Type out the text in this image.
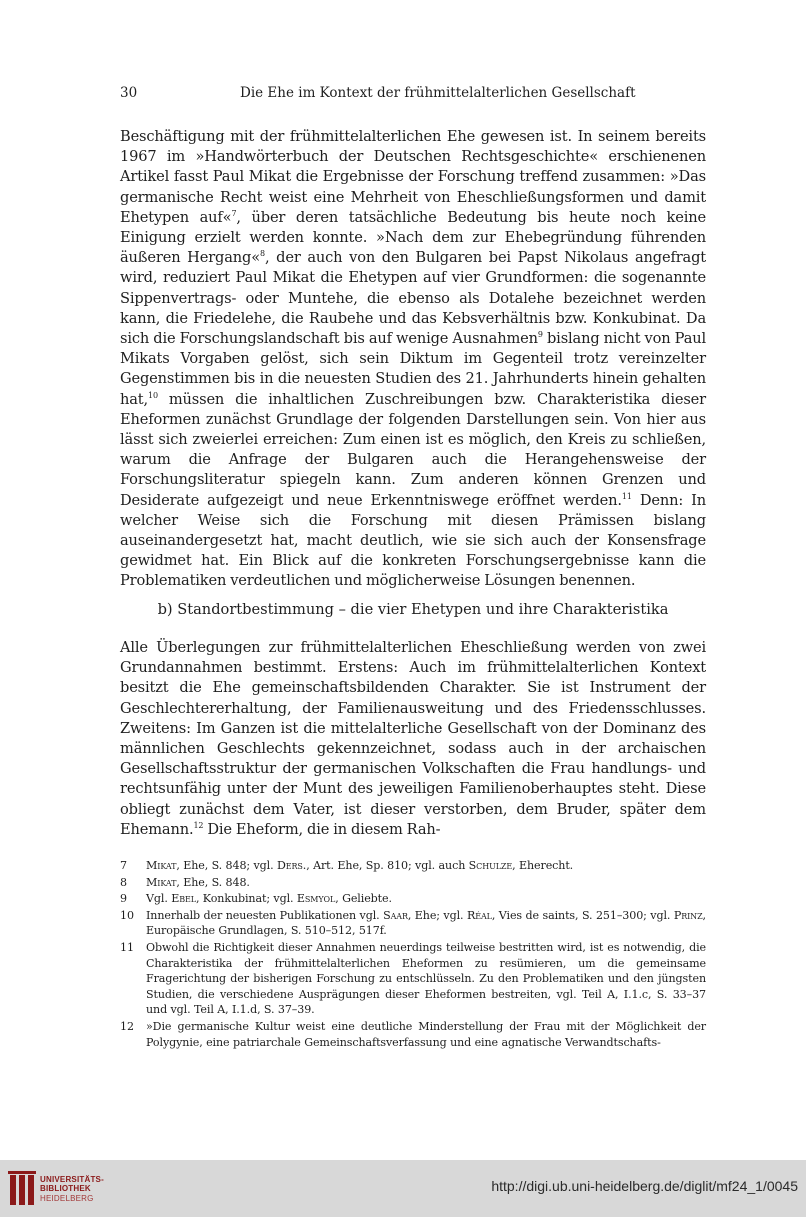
30	Die Ehe im Kontext der frühmittelalterlichen Gesellschaft

Beschäftigung mit der frühmittelalterlichen Ehe gewesen ist. In seinem bereits 1967 im »Handwörterbuch der Deutschen Rechtsgeschichte« erschienenen Artikel fasst Paul Mikat die Ergebnisse der Forschung treffend zusammen: »Das germanische Recht weist eine Mehrheit von Eheschließungsformen und damit Ehetypen auf«$^7$, über deren tatsächliche Bedeutung bis heute noch keine Einigung erzielt werden konnte. »Nach dem zur Ehebegründung führenden äußeren Hergang«$^8$, der auch von den Bulgaren bei Papst Nikolaus angefragt wird, reduziert Paul Mikat die Ehetypen auf vier Grundformen: die sogenannte Sippenvertrags- oder Muntehe, die ebenso als Dotalehe bezeichnet werden kann, die Friedelehe, die Raubehe und das Kebsverhältnis bzw. Konkubinat. Da sich die Forschungslandschaft bis auf wenige Ausnahmen$^9$ bislang nicht von Paul Mikats Vorgaben gelöst, sich sein Diktum im Gegenteil trotz vereinzelter Gegenstimmen bis in die neuesten Studien des 21. Jahrhunderts hinein gehalten hat,$^{10}$ müssen die inhaltlichen Zuschreibungen bzw. Charakteristika dieser Eheformen zunächst Grundlage der folgenden Darstellungen sein. Von hier aus lässt sich zweierlei erreichen: Zum einen ist es möglich, den Kreis zu schließen, warum die Anfrage der Bulgaren auch die Herangehensweise der Forschungsliteratur spiegeln kann. Zum anderen können Grenzen und Desiderate aufgezeigt und neue Erkenntniswege eröffnet werden.$^{11}$ Denn: In welcher Weise sich die Forschung mit diesen Prämissen bislang auseinandergesetzt hat, macht deutlich, wie sie sich auch der Konsensfrage gewidmet hat. Ein Blick auf die konkreten Forschungsergebnisse kann die Problematiken verdeutlichen und möglicherweise Lösungen benennen.

b) Standortbestimmung – die vier Ehetypen und ihre Charakteristika

Alle Überlegungen zur frühmittelalterlichen Eheschließung werden von zwei Grundannahmen bestimmt. Erstens: Auch im frühmittelalterlichen Kontext besitzt die Ehe gemeinschaftsbildenden Charakter. Sie ist Instrument der Geschlechtererhaltung, der Familienausweitung und des Friedensschlusses. Zweitens: Im Ganzen ist die mittelalterliche Gesellschaft von der Dominanz des männlichen Geschlechts gekennzeichnet, sodass auch in der archaischen Gesellschaftsstruktur der germanischen Volkschaften die Frau handlungs- und rechtsunfähig unter der Munt des jeweiligen Familienoberhauptes steht. Diese obliegt zunächst dem Vater, ist dieser verstorben, dem Bruder, später dem Ehemann.$^{12}$ Die Eheform, die in diesem Rah-

7 Mikat, Ehe, S. 848; vgl. Ders., Art. Ehe, Sp. 810; vgl. auch Schulze, Eherecht.

8 Mikat, Ehe, S. 848.

9 Vgl. Ebel, Konkubinat; vgl. Esmyol, Geliebte.

10 Innerhalb der neuesten Publikationen vgl. Saar, Ehe; vgl. Réal, Vies de saints, S. 251–300; vgl. Prinz, Europäische Grundlagen, S. 510–512, 517f.

11 Obwohl die Richtigkeit dieser Annahmen neuerdings teilweise bestritten wird, ist es notwendig, die Charakteristika der frühmittelalterlichen Eheformen zu resümieren, um die gemeinsame Fragerichtung der bisherigen Forschung zu entschlüsseln. Zu den Problematiken und den jüngsten Studien, die verschiedene Ausprägungen dieser Eheformen bestreiten, vgl. Teil A, I.1.c, S. 33–37 und vgl. Teil A, I.1.d, S. 37–39.

12 »Die germanische Kultur weist eine deutliche Minderstellung der Frau mit der Möglichkeit der Polygynie, eine patriarchale Gemeinschaftsverfassung und eine agnatische Verwandtschafts-

UNIVERSITÄTS-
BIBLIOTHEK
HEIDELBERG
http://digi.ub.uni-heidelberg.de/diglit/mf24_1/0045
